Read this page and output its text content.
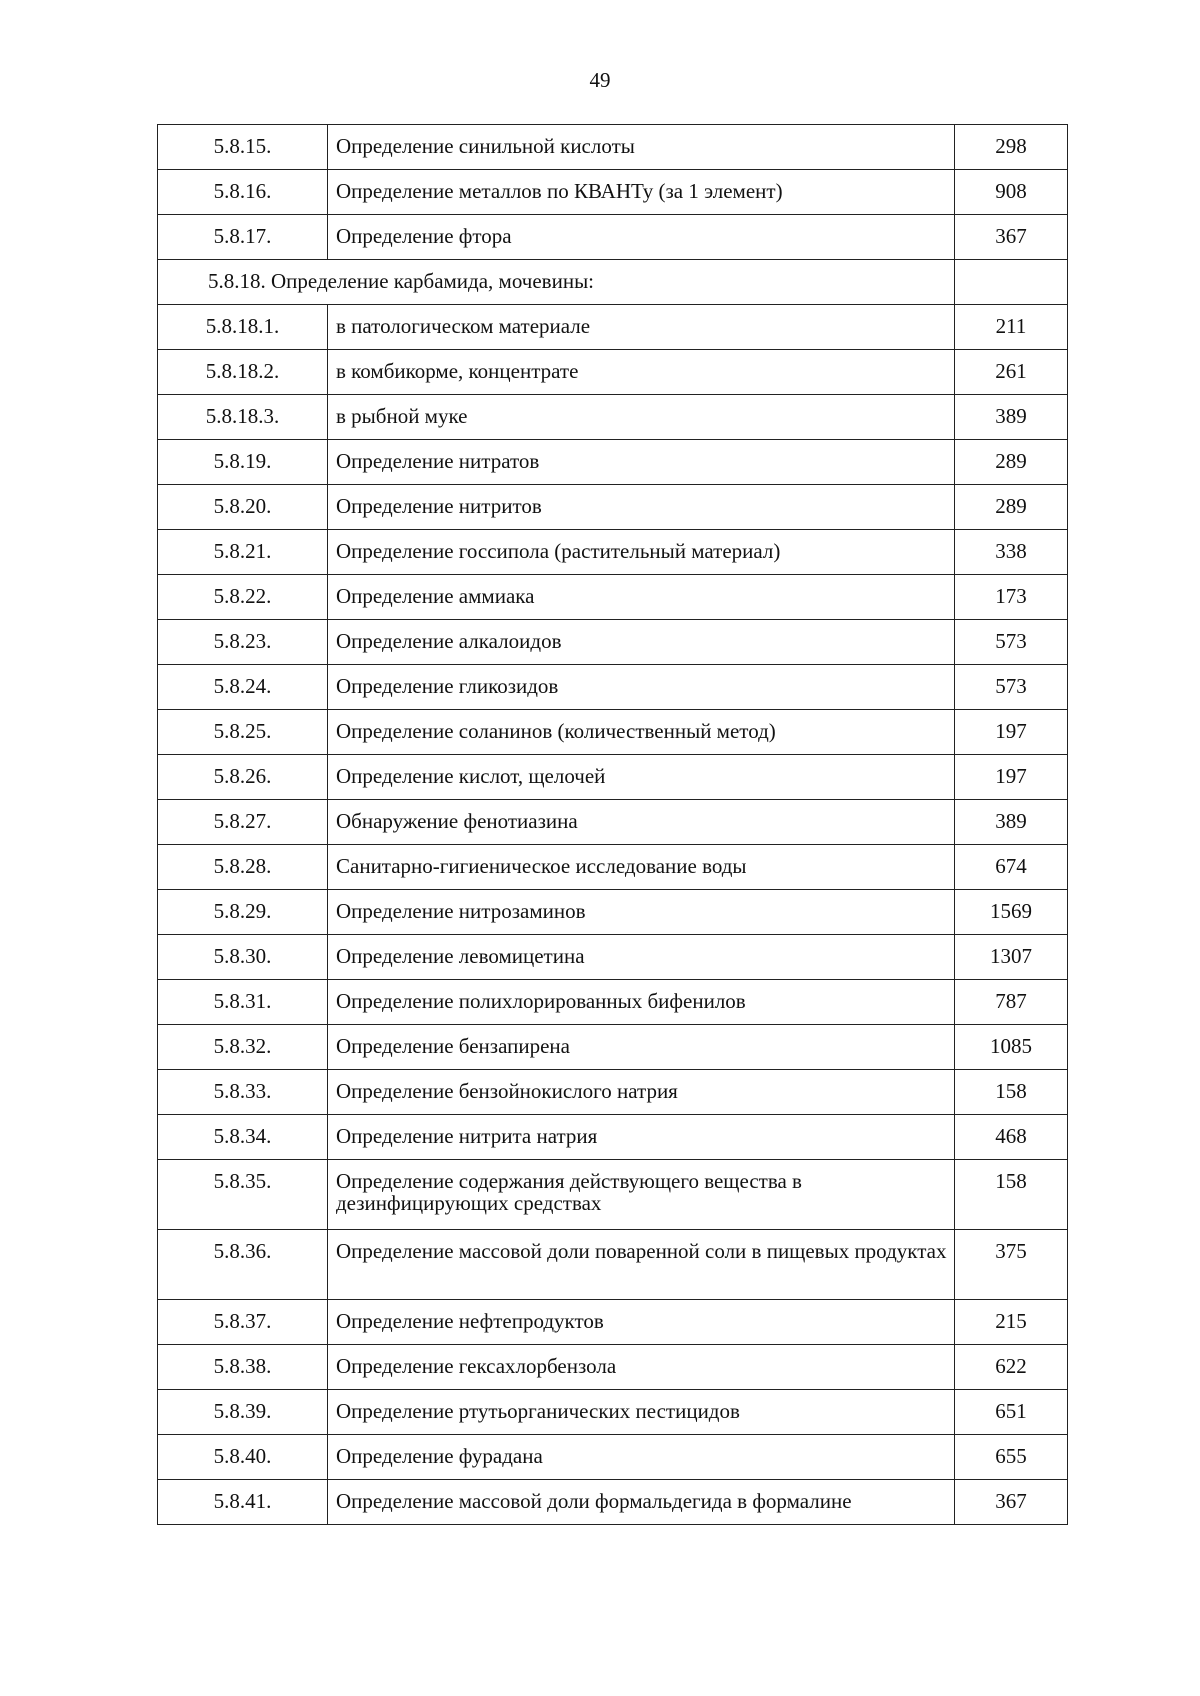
49
5.8.15.	Определение синильной кислоты	298
5.8.16.	Определение металлов по КВАНТу (за 1 элемент)	908
5.8.17.	Определение фтора	367
5.8.18. Определение карбамида, мочевины:		
5.8.18.1.	в патологическом материале	211
5.8.18.2.	в комбикорме, концентрате	261
5.8.18.3.	в рыбной муке	389
5.8.19.	Определение нитратов	289
5.8.20.	Определение нитритов	289
5.8.21.	Определение госсипола (растительный материал)	338
5.8.22.	Определение аммиака	173
5.8.23.	Определение алкалоидов	573
5.8.24.	Определение гликозидов	573
5.8.25.	Определение соланинов (количественный метод)	197
5.8.26.	Определение кислот, щелочей	197
5.8.27.	Обнаружение фенотиазина	389
5.8.28.	Санитарно-гигиеническое исследование воды	674
5.8.29.	Определение нитрозаминов	1569
5.8.30.	Определение левомицетина	1307
5.8.31.	Определение полихлорированных бифенилов	787
5.8.32.	Определение бензапирена	1085
5.8.33.	Определение бензойнокислого натрия	158
5.8.34.	Определение нитрита натрия	468
5.8.35.	Определение содержания действующего вещества в дезинфицирующих средствах	158
5.8.36.	Определение массовой доли поваренной соли в пищевых продуктах	375
5.8.37.	Определение нефтепродуктов	215
5.8.38.	Определение гексахлорбензола	622
5.8.39.	Определение ртутьорганических пестицидов	651
5.8.40.	Определение фурадана	655
5.8.41.	Определение массовой доли формальдегида в формалине	367
